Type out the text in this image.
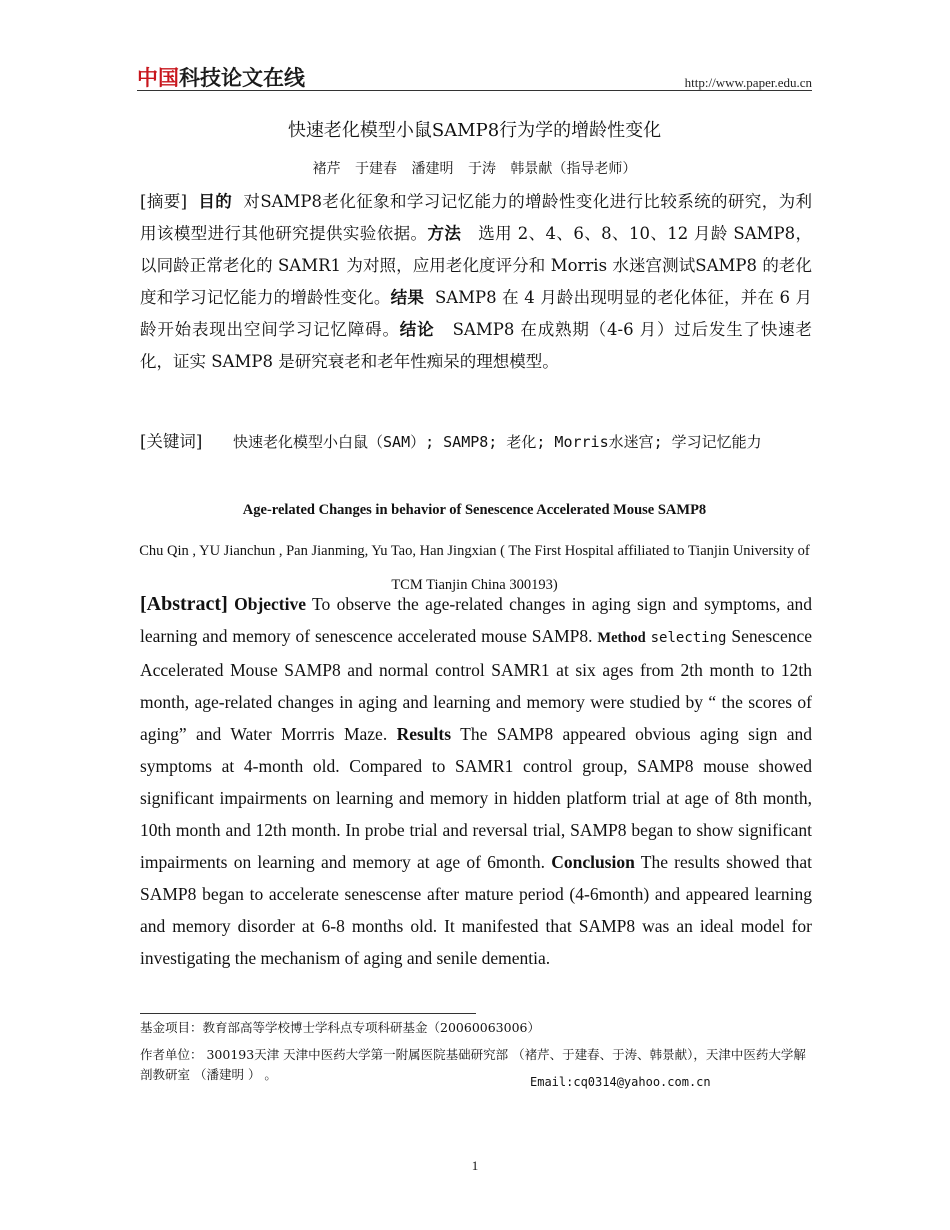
中国 科技论文在线	http://www.paper.edu.cn
快速老化模型小鼠SAMP8行为学的增龄性变化
褚芹 于建春 潘建明 于涛 韩景献（指导老师）
[摘要] 目的 对SAMP8老化征象和学习记忆能力的增龄性变化进行比较系统的研究，为利用该模型进行其他研究提供实验依据。方法 选用 2、4、6、8、10、12 月龄 SAMP8，以同龄正常老化的 SAMR1 为对照，应用老化度评分和 Morris 水迷宫测试SAMP8 的老化度和学习记忆能力的增龄性变化。结果 SAMP8 在 4 月龄出现明显的老化体征，并在 6 月龄开始表现出空间学习记忆障碍。结论 SAMP8 在成熟期（4-6 月）过后发生了快速老化，证实 SAMP8 是研究衰老和老年性痴呆的理想模型。
[关键词] 快速老化模型小白鼠（SAM）; SAMP8; 老化; Morris水迷宫; 学习记忆能力
Age-related Changes in behavior of Senescence Accelerated Mouse SAMP8
Chu Qin , YU Jianchun , Pan Jianming, Yu Tao, Han Jingxian ( The First Hospital affiliated to Tianjin University of TCM Tianjin China 300193)
[Abstract] Objective To observe the age-related changes in aging sign and symptoms, and learning and memory of senescence accelerated mouse SAMP8. Method selecting Senescence Accelerated Mouse SAMP8 and normal control SAMR1 at six ages from 2th month to 12th month, age-related changes in aging and learning and memory were studied by “ the scores of aging” and Water Morrris Maze. Results The SAMP8 appeared obvious aging sign and symptoms at 4-month old. Compared to SAMR1 control group, SAMP8 mouse showed significant impairments on learning and memory in hidden platform trial at age of 8th month, 10th month and 12th month. In probe trial and reversal trial, SAMP8 began to show significant impairments on learning and memory at age of 6month. Conclusion The results showed that SAMP8 began to accelerate senescense after mature period (4-6month) and appeared learning and memory disorder at 6-8 months old. It manifested that SAMP8 was an ideal model for investigating the mechanism of aging and senile dementia.
基金项目：教育部高等学校博士学科点专项科研基金（20060063006）
作者单位： 300193天津 天津中医药大学第一附属医院基础研究部 （褚芹、于建春、于涛、韩景献），天津中医药大学解剖教研室 （潘建明 ） 。	Email:cq0314@yahoo.com.cn
1
